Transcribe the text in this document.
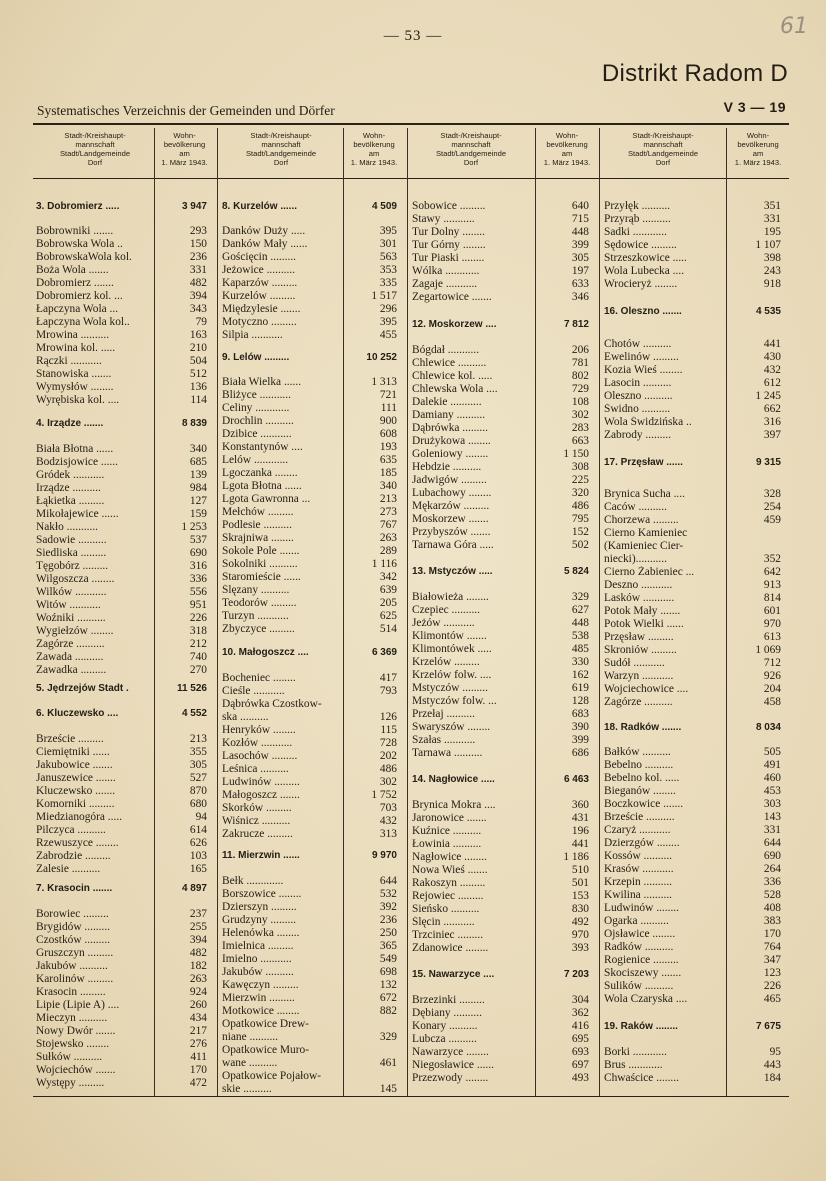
— 53 —	61
Distrikt Radom D
Systematisches Verzeichnis der Gemeinden und Dörfer	V 3 — 19
3. Dobromierz .....	3 947
Bobrowniki .......	293
Bobrowska Wola ..	150
BobrowskaWola kol.	236
Boża Wola .......	331
Dobromierz .......	482
Dobromierz kol. ...	394
Łapczyna Wola ...	343
Łapczyna Wola kol..	79
Mrowina ..........	163
Mrowina kol. .....	210
Rączki ...........	504
Stanowiska .......	512
Wymysłów ........	136
Wyrębiska kol. ....	114
4. Irządze .......	8 839
Biała Błotna ......	340
Bodzisjowice ......	685
Gródek ...........	139
Irządze ..........	984
Łąkietka .........	127
Mikołajewice ......	159
Nakło ...........	1 253
Sadowie ..........	537
Siedliska .........	690
Tęgobórz .........	316
Wilgoszcza ........	336
Wilków ...........	556
Witów ...........	951
Woźniki ..........	226
Wygiełzów ........	318
Zagórze ..........	212
Zawada ..........	740
Zawadka .........	270
5. Jędrzejów Stadt .	11 526
6. Kluczewsko ....	4 552
Brzeście .........	213
Ciemiętniki ......	355
Jakubowice .......	305
Januszewice .......	527
Kluczewsko .......	870
Komorniki .........	680
Miedzianogóra .....	94
Pilczyca ..........	614
Rzewuszyce ........	626
Zabrodzie .........	103
Zalesie ..........	165
7. Krasocin .......	4 897
Borowiec .........	237
Brygidów .........	255
Czostków .........	394
Gruszczyn .........	482
Jakubów ..........	182
Karolinów .........	263
Krasocin .........	924
Lipie (Lipie A) ....	260
Mieczyn ..........	434
Nowy Dwór .......	217
Stojewsko ........	276
Sułków ..........	411
Wojciechów .......	170
Występy .........	472
8. Kurzelów ......	4 509
Danków Duży .....	395
Danków Mały ......	301
Gościęcin .........	563
Jeżowice ..........	353
Kaparzów .........	335
Kurzelów .........	1 517
Międzylesie .......	296
Motyczno .........	395
Silpia ...........	455
9. Lelów .........	10 252
Biała Wielka ......	1 313
Bliżyce ...........	721
Celiny ............	111
Drochlin ..........	900
Dzibice ...........	608
Konstantynów ....	193
Lelów ............	635
Lgoczanka ........	185
Lgota Błotna ......	340
Lgota Gawronna ...	213
Mełchów .........	273
Podlesie ..........	767
Skrajniwa ........	263
Sokole Pole .......	289
Sokolniki ..........	1 116
Staromieście ......	342
Ślęzany ..........	639
Teodorów .........	205
Turzyn ...........	625
Zbyczyce .........	514
10. Małogoszcz ....	6 369
Bocheniec ........	417
Cieśle ...........	793
Dąbrówka Czostkow-
ska ..........	126
Henryków ........	115
Kozłów ...........	728
Lasochów .........	202
Leśnica ..........	486
Ludwinów .........	302
Małogoszcz .......	1 752
Skorków .........	703
Wiśnicz ..........	432
Zakrucze .........	313
11. Mierzwin ......	9 970
Bełk .............	644
Borszowice ........	532
Dzierszyn .........	392
Grudzyny .........	236
Helenówka ........	250
Imielnica .........	365
Imielno ...........	549
Jakubów ..........	698
Kawęczyn .........	132
Mierzwin .........	672
Motkowice ........	882
Opatkowice Drew-
niane ..........	329
Opatkowice Muro-
wane ..........	461
Opatkowice Pojałow-
skie ..........	145
Sobowice .........	640
Stawy ...........	715
Tur Dolny ........	448
Tur Górny ........	399
Tur Piaski ........	305
Wólka ............	197
Zagaje ...........	633
Zegartowice .......	346
12. Moskorzew ....	7 812
Bógdał ...........	206
Chlewice ..........	781
Chlewice kol. .....	802
Chlewska Wola ....	729
Dalekie ...........	108
Damiany ..........	302
Dąbrówka .........	283
Drużykowa ........	663
Goleniowy ........	1 150
Hebdzie ..........	308
Jadwigów .........	225
Lubachowy ........	320
Mękarzów .........	486
Moskorzew .......	795
Przybyszów .......	152
Tarnawa Góra .....	502
13. Mstyczów .....	5 824
Białowieża ........	329
Czepiec ..........	627
Jeżów ...........	448
Klimontów .......	538
Klimontówek .....	485
Krzelów .........	330
Krzelów folw. ....	162
Mstyczów .........	619
Mstyczów folw. ...	128
Przełaj ..........	683
Swaryszów ........	390
Szałas ...........	399
Tarnawa ..........	686
14. Nagłowice .....	6 463
Brynica Mokra ....	360
Jaronowice .......	431
Kuźnice ..........	196
Łowinia ..........	441
Nagłowice ........	1 186
Nowa Wieś .......	510
Rakoszyn .........	501
Rejowiec .........	153
Sieńsko ..........	830
Ślęcin ...........	492
Trzciniec .........	970
Zdanowice ........	393
15. Nawarzyce ....	7 203
Brzezinki .........	304
Dębiany ..........	362
Konary ..........	416
Lubcza ..........	695
Nawarzyce ........	693
Niegosławice ......	697
Przezwody ........	493
Przyłęk ..........	351
Przyrąb ..........	331
Sadki ............	195
Sędowice .........	1 107
Strzeszkowice .....	398
Wola Lubecka ....	243
Wrocieryż ........	918
16. Oleszno .......	4 535
Chotów ..........	441
Ewelinów .........	430
Kozia Wieś ........	432
Lasocin ..........	612
Oleszno ..........	1 245
Świdno ..........	662
Wola Świdzińska ..	316
Zabrody .........	397
17. Przęsław ......	9 315
Brynica Sucha ....	328
Caców ..........	254
Chorzewa .........	459
Cierno Kamieniec
(Kamieniec Cier-
niecki)...........	352
Cierno Żabieniec ...	642
Deszno ...........	913
Lasków ...........	814
Potok Mały .......	601
Potok Wielki ......	970
Przęsław .........	613
Skroniów .........	1 069
Sudół ...........	712
Warzyn ...........	926
Wojciechowice ....	204
Zagórze ..........	458
18. Radków .......	8 034
Bałków ..........	505
Bebelno ..........	491
Bebelno kol. .....	460
Bieganów ........	453
Boczkowice .......	303
Brzeście ..........	143
Czaryż ...........	331
Dzierzgów ........	644
Kossów ..........	690
Krasów ...........	264
Krzepin ..........	336
Kwilina ..........	528
Ludwinów ........	408
Ogarka ..........	383
Ojsławice ........	170
Radków ..........	764
Rogienice .........	347
Skociszewy .......	123
Sulików ..........	226
Wola Czaryska ....	465
19. Raków ........	7 675
Borki ............	95
Brus ............	443
Chwaścice ........	184
Stadt-/Kreishaupt-
mannschaft
Stadt/Landgemeinde
Dorf
Wohn-
bevölkerung
am
1. März 1943.
Stadt-/Kreishaupt-
mannschaft
Stadt/Landgemeinde
Dorf
Wohn-
bevölkerung
am
1. März 1943.
Stadt-/Kreishaupt-
mannschaft
Stadt/Landgemeinde
Dorf
Wohn-
bevölkerung
am
1. März 1943.
Stadt-/Kreishaupt-
mannschaft
Stadt/Landgemeinde
Dorf
Wohn-
bevölkerung
am
1. März 1943.
